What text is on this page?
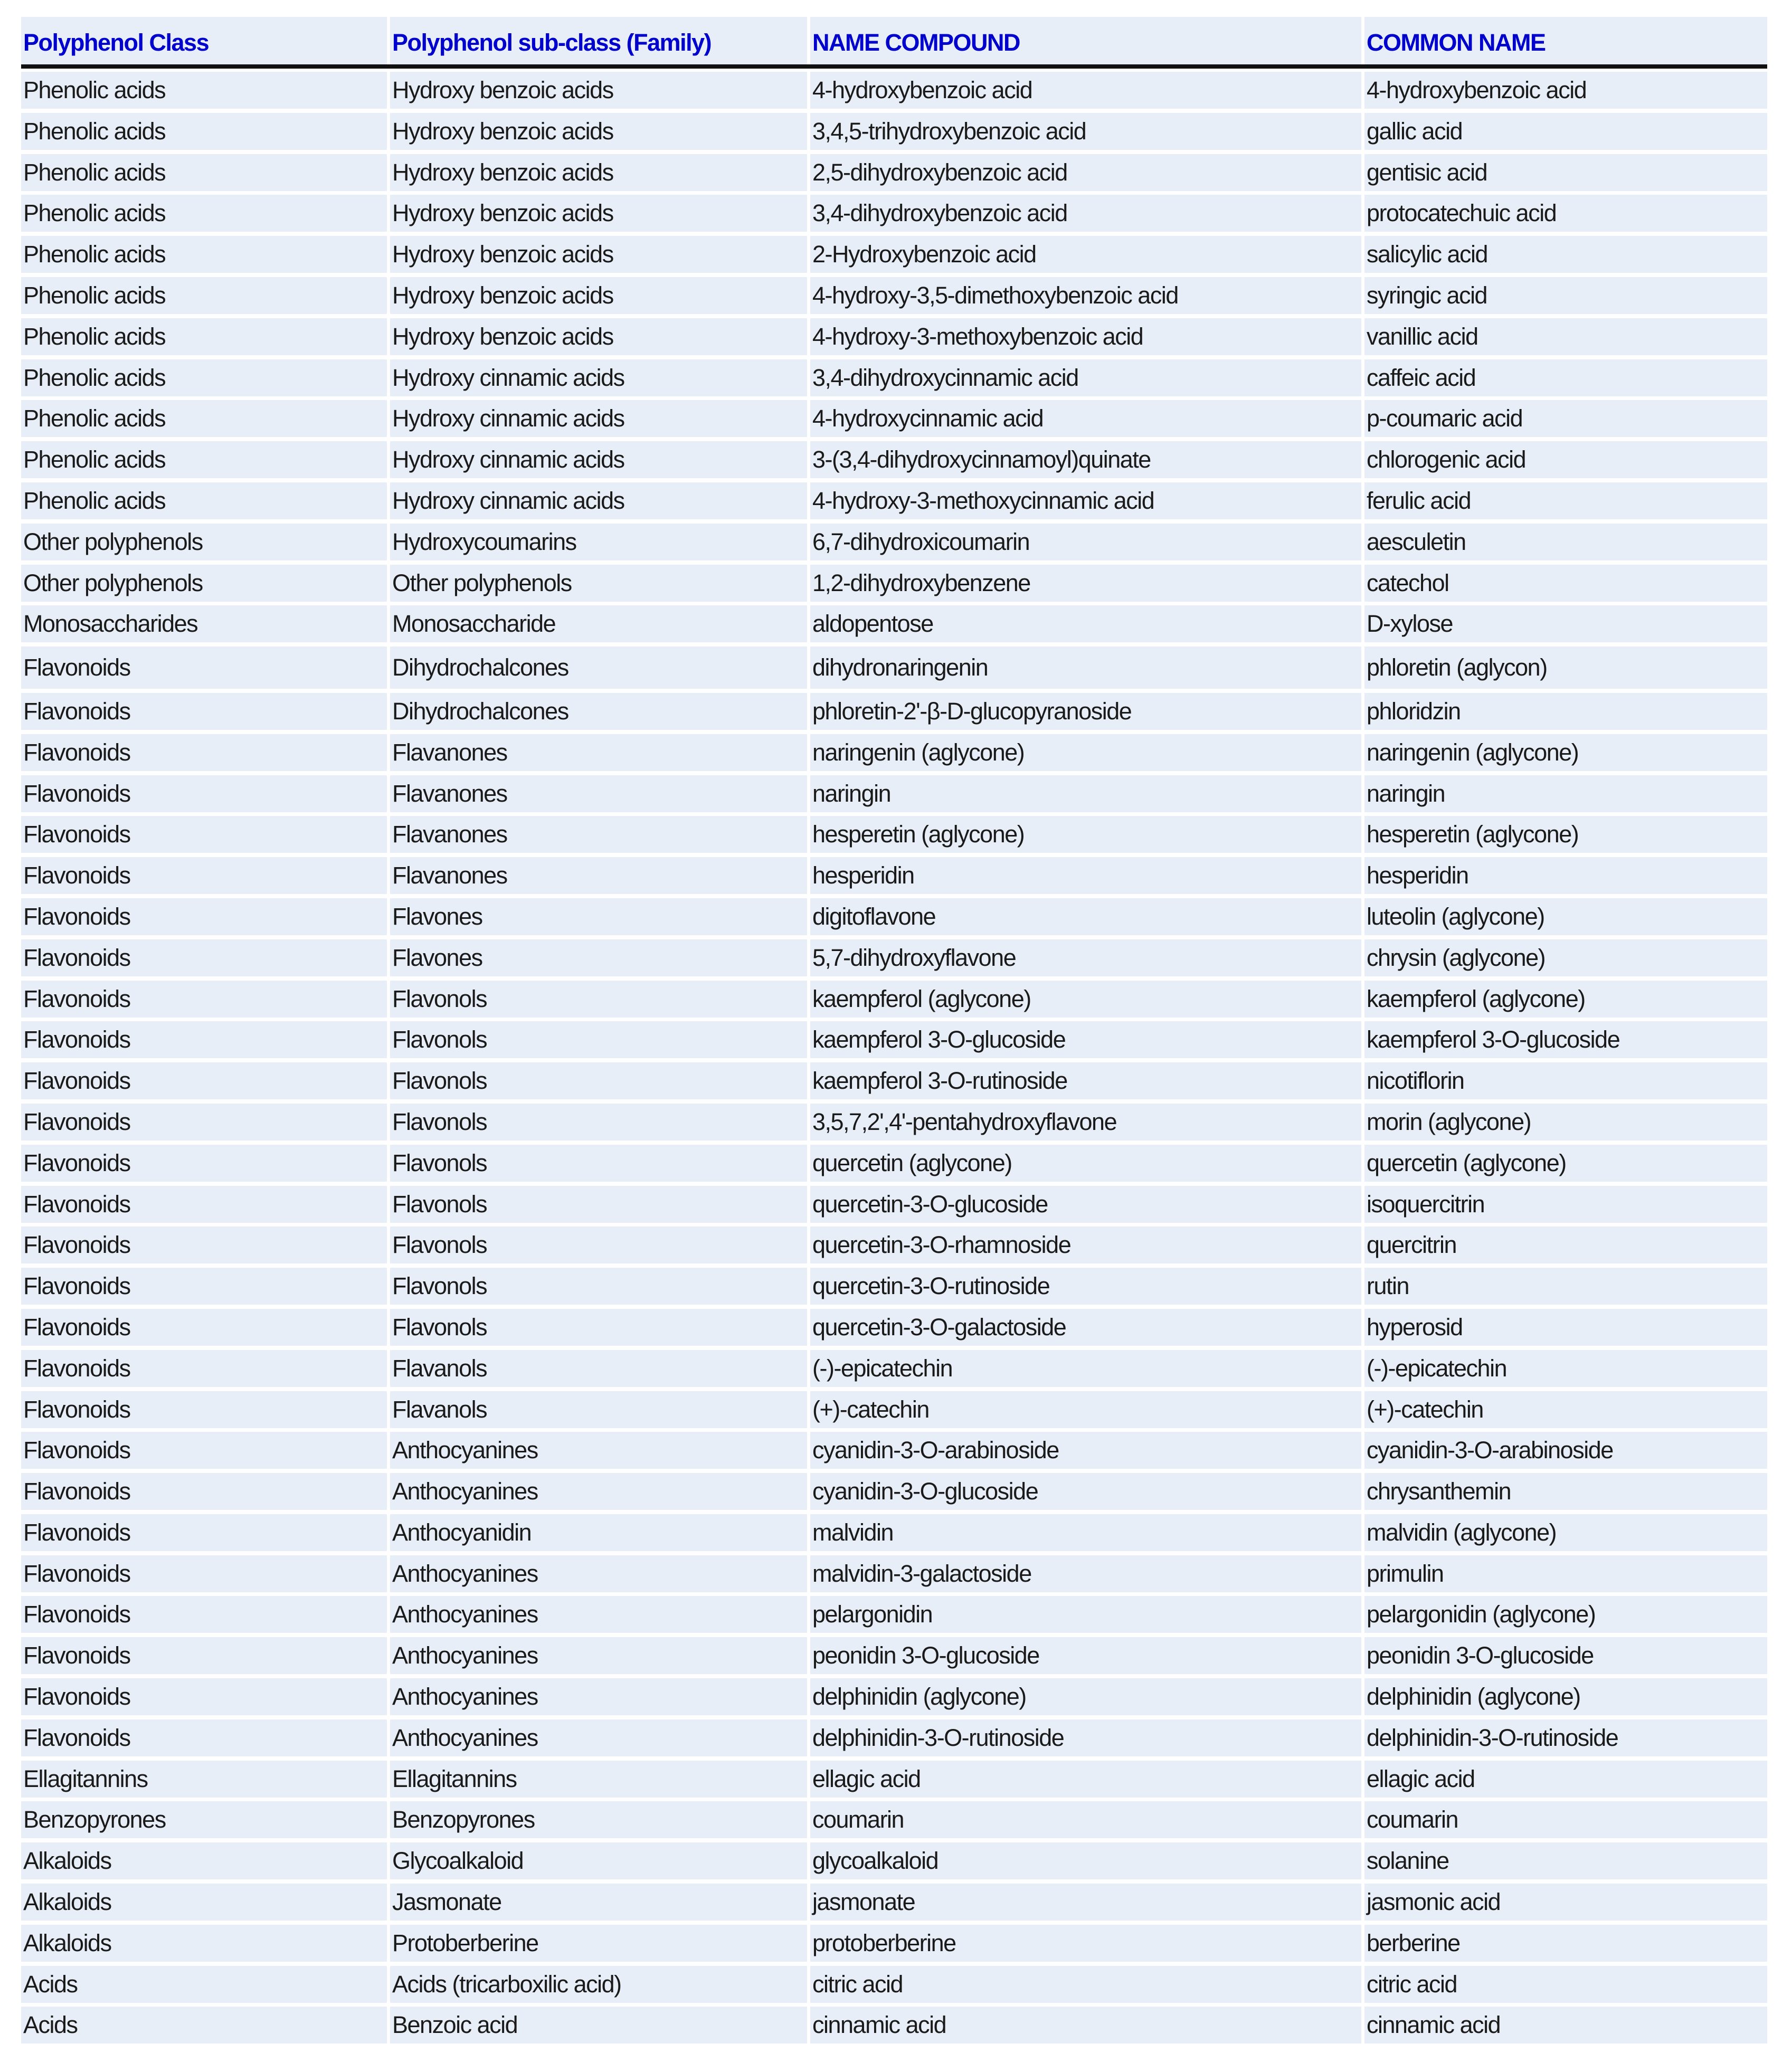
Polyphenol Class	Polyphenol sub-class (Family)	NAME COMPOUND	COMMON NAME
Phenolic acids	Hydroxy benzoic acids	4-hydroxybenzoic acid	4-hydroxybenzoic acid
Phenolic acids	Hydroxy benzoic acids	3,4,5-trihydroxybenzoic acid	gallic acid
Phenolic acids	Hydroxy benzoic acids	2,5-dihydroxybenzoic acid	gentisic acid
Phenolic acids	Hydroxy benzoic acids	3,4-dihydroxybenzoic acid	protocatechuic acid
Phenolic acids	Hydroxy benzoic acids	2-Hydroxybenzoic acid	salicylic acid
Phenolic acids	Hydroxy benzoic acids	4-hydroxy-3,5-dimethoxybenzoic acid	syringic acid
Phenolic acids	Hydroxy benzoic acids	4-hydroxy-3-methoxybenzoic acid	vanillic acid
Phenolic acids	Hydroxy cinnamic acids	3,4-dihydroxycinnamic acid	caffeic acid
Phenolic acids	Hydroxy cinnamic acids	4-hydroxycinnamic acid	p-coumaric acid
Phenolic acids	Hydroxy cinnamic acids	3-(3,4-dihydroxycinnamoyl)quinate	chlorogenic acid
Phenolic acids	Hydroxy cinnamic acids	4-hydroxy-3-methoxycinnamic acid	ferulic acid
Other polyphenols	Hydroxycoumarins	6,7-dihydroxicoumarin	aesculetin
Other polyphenols	Other polyphenols	1,2-dihydroxybenzene	catechol
Monosaccharides	Monosaccharide	aldopentose	D-xylose
Flavonoids	Dihydrochalcones	dihydronaringenin	phloretin (aglycon)
Flavonoids	Dihydrochalcones	phloretin-2'-β-D-glucopyranoside	phloridzin
Flavonoids	Flavanones	naringenin (aglycone)	naringenin (aglycone)
Flavonoids	Flavanones	naringin	naringin
Flavonoids	Flavanones	hesperetin (aglycone)	hesperetin (aglycone)
Flavonoids	Flavanones	hesperidin	hesperidin
Flavonoids	Flavones	digitoflavone	luteolin (aglycone)
Flavonoids	Flavones	5,7-dihydroxyflavone	chrysin (aglycone)
Flavonoids	Flavonols	kaempferol (aglycone)	kaempferol (aglycone)
Flavonoids	Flavonols	kaempferol 3-O-glucoside	kaempferol 3-O-glucoside
Flavonoids	Flavonols	kaempferol 3-O-rutinoside	nicotiflorin
Flavonoids	Flavonols	3,5,7,2',4'-pentahydroxyflavone	morin (aglycone)
Flavonoids	Flavonols	quercetin (aglycone)	quercetin (aglycone)
Flavonoids	Flavonols	quercetin-3-O-glucoside	isoquercitrin
Flavonoids	Flavonols	quercetin-3-O-rhamnoside	quercitrin
Flavonoids	Flavonols	quercetin-3-O-rutinoside	rutin
Flavonoids	Flavonols	quercetin-3-O-galactoside	hyperosid
Flavonoids	Flavanols	(-)-epicatechin	(-)-epicatechin
Flavonoids	Flavanols	(+)-catechin	(+)-catechin
Flavonoids	Anthocyanines	cyanidin-3-O-arabinoside	cyanidin-3-O-arabinoside
Flavonoids	Anthocyanines	cyanidin-3-O-glucoside	chrysanthemin
Flavonoids	Anthocyanidin	malvidin	malvidin (aglycone)
Flavonoids	Anthocyanines	malvidin-3-galactoside	primulin
Flavonoids	Anthocyanines	pelargonidin	pelargonidin (aglycone)
Flavonoids	Anthocyanines	peonidin 3-O-glucoside	peonidin 3-O-glucoside
Flavonoids	Anthocyanines	delphinidin (aglycone)	delphinidin (aglycone)
Flavonoids	Anthocyanines	delphinidin-3-O-rutinoside	delphinidin-3-O-rutinoside
Ellagitannins	Ellagitannins	ellagic acid	ellagic acid
Benzopyrones	Benzopyrones	coumarin	coumarin
Alkaloids	Glycoalkaloid	glycoalkaloid	solanine
Alkaloids	Jasmonate	jasmonate	jasmonic acid
Alkaloids	Protoberberine	protoberberine	berberine
Acids	Acids (tricarboxilic acid)	citric acid	citric acid
Acids	Benzoic acid	cinnamic acid	cinnamic acid
